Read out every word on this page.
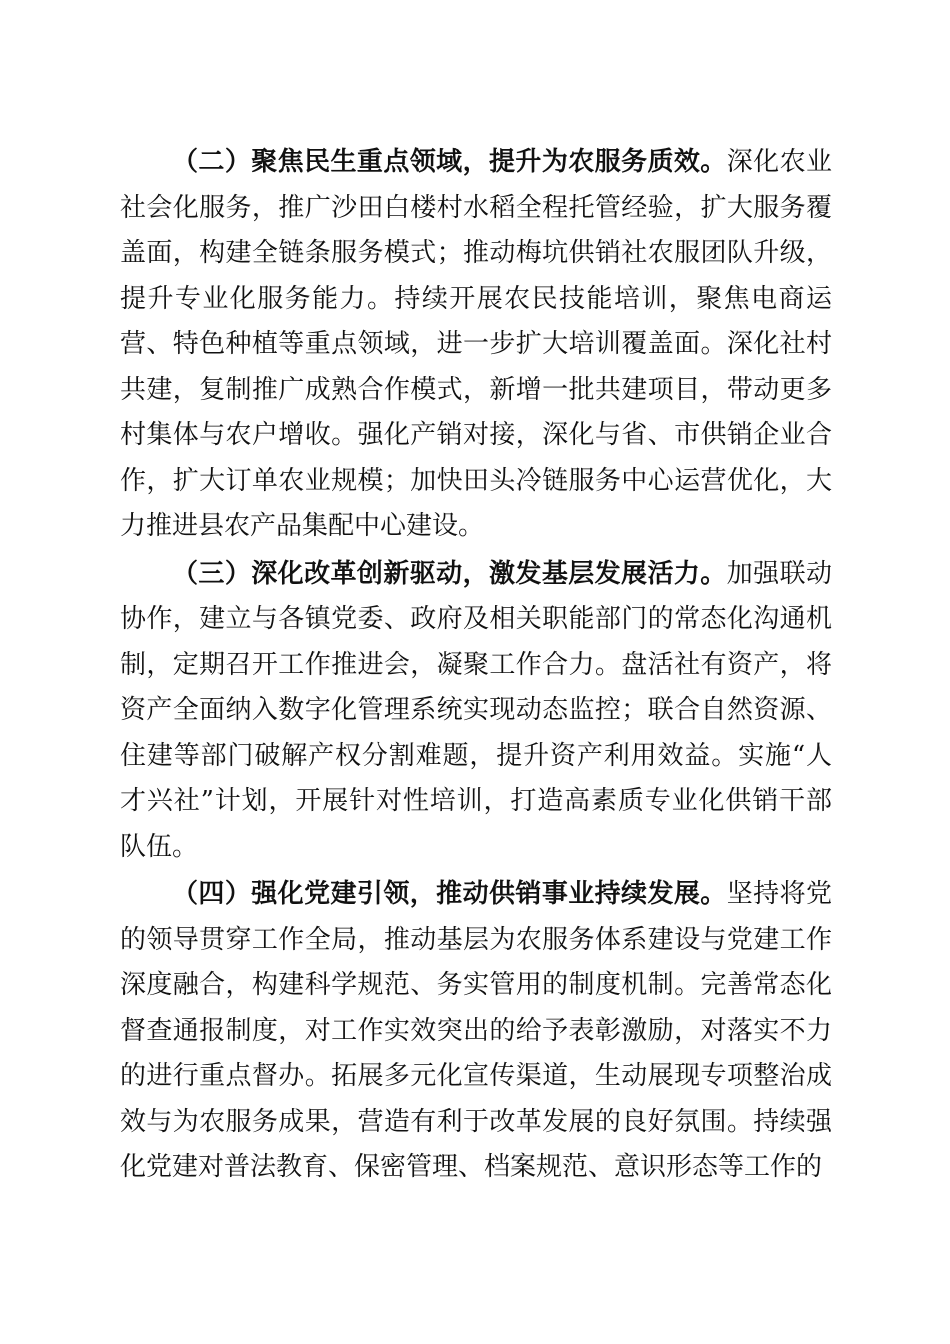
（二）聚焦民生重点领域，提升为农服务质效。深化农业社会化服务，推广沙田白楼村水稻全程托管经验，扩大服务覆盖面，构建全链条服务模式；推动梅坑供销社农服团队升级，提升专业化服务能力。持续开展农民技能培训，聚焦电商运营、特色种植等重点领域，进一步扩大培训覆盖面。深化社村共建，复制推广成熟合作模式，新增一批共建项目，带动更多村集体与农户增收。强化产销对接，深化与省、市供销企业合作，扩大订单农业规模；加快田头冷链服务中心运营优化，大力推进县农产品集配中心建设。

（三）深化改革创新驱动，激发基层发展活力。加强联动协作，建立与各镇党委、政府及相关职能部门的常态化沟通机制，定期召开工作推进会，凝聚工作合力。盘活社有资产，将资产全面纳入数字化管理系统实现动态监控；联合自然资源、住建等部门破解产权分割难题，提升资产利用效益。实施“人才兴社”计划，开展针对性培训，打造高素质专业化供销干部队伍。

（四）强化党建引领，推动供销事业持续发展。坚持将党的领导贯穿工作全局，推动基层为农服务体系建设与党建工作深度融合，构建科学规范、务实管用的制度机制。完善常态化督查通报制度，对工作实效突出的给予表彰激励，对落实不力的进行重点督办。拓展多元化宣传渠道，生动展现专项整治成效与为农服务成果，营造有利于改革发展的良好氛围。持续强化党建对普法教育、保密管理、档案规范、意识形态等工作的
